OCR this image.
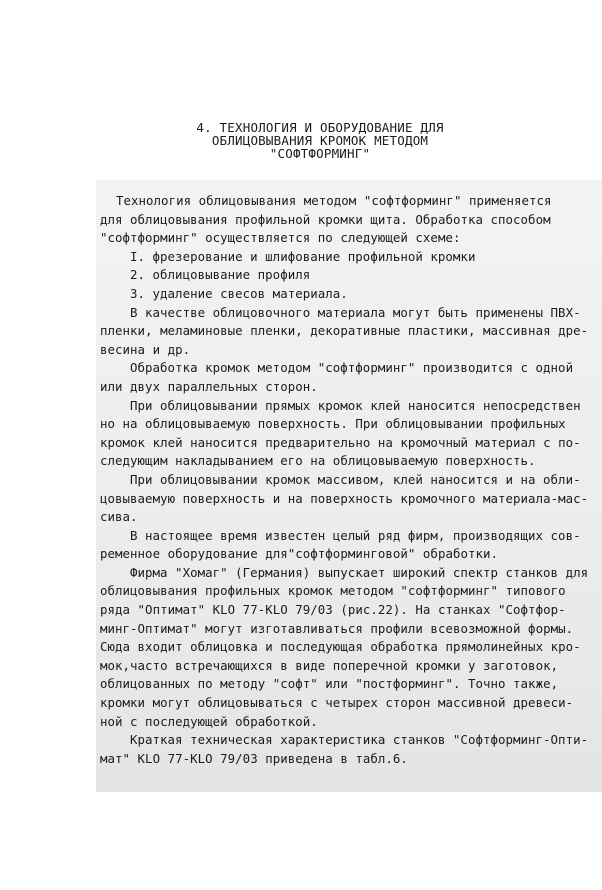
4. ТЕХНОЛОГИЯ И ОБОРУДОВАНИЕ ДЛЯ
ОБЛИЦОВЫВАНИЯ КРОМОК МЕТОДОМ
"СОФТФОРМИНГ"
Технология облицовывания методом "софтформинг" применяется
для облицовывания профильной кромки щита. Обработка способом
"софтформинг" осуществляется по следующей схеме:
I. фрезерование и шлифование профильной кромки
2. облицовывание профиля
3. удаление свесов материала.
В качестве облицовочного материала могут быть применены ПВХ-
пленки, меламиновые пленки, декоративные пластики, массивная дре-
весина и др.
Обработка кромок методом "софтформинг" производится с одной
или двух параллельных сторон.
При облицовывании прямых кромок клей наносится непосредствен
но на облицовываемую поверхность. При облицовывании профильных
кромок клей наносится предварительно на кромочный материал с по-
следующим накладыванием его на облицовываемую поверхность.
При облицовывании кромок массивом, клей наносится и на обли-
цовываемую поверхность и на поверхность кромочного материала-мас-
сива.
В настоящее время известен целый ряд фирм, производящих сов-
ременное оборудование для"софтформинговой" обработки.
Фирма "Хомаг" (Германия) выпускает широкий спектр станков для
облицовывания профильных кромок методом "софтформинг" типового
ряда "Оптимат" KLO 77-KLO 79/03 (рис.22). На станках "Софтфор-
минг-Оптимат" могут изготавливаться профили всевозможной формы.
Сюда входит облицовка и последующая обработка прямолинейных кро-
мок,часто встречающихся в виде поперечной кромки у заготовок,
облицованных по методу "софт" или "постформинг". Точно также,
кромки могут облицовываться с четырех сторон массивной древеси-
ной с последующей обработкой.
Краткая техническая характеристика станков "Софтформинг-Опти-
мат" KLO 77-KLO 79/03 приведена в табл.6.
